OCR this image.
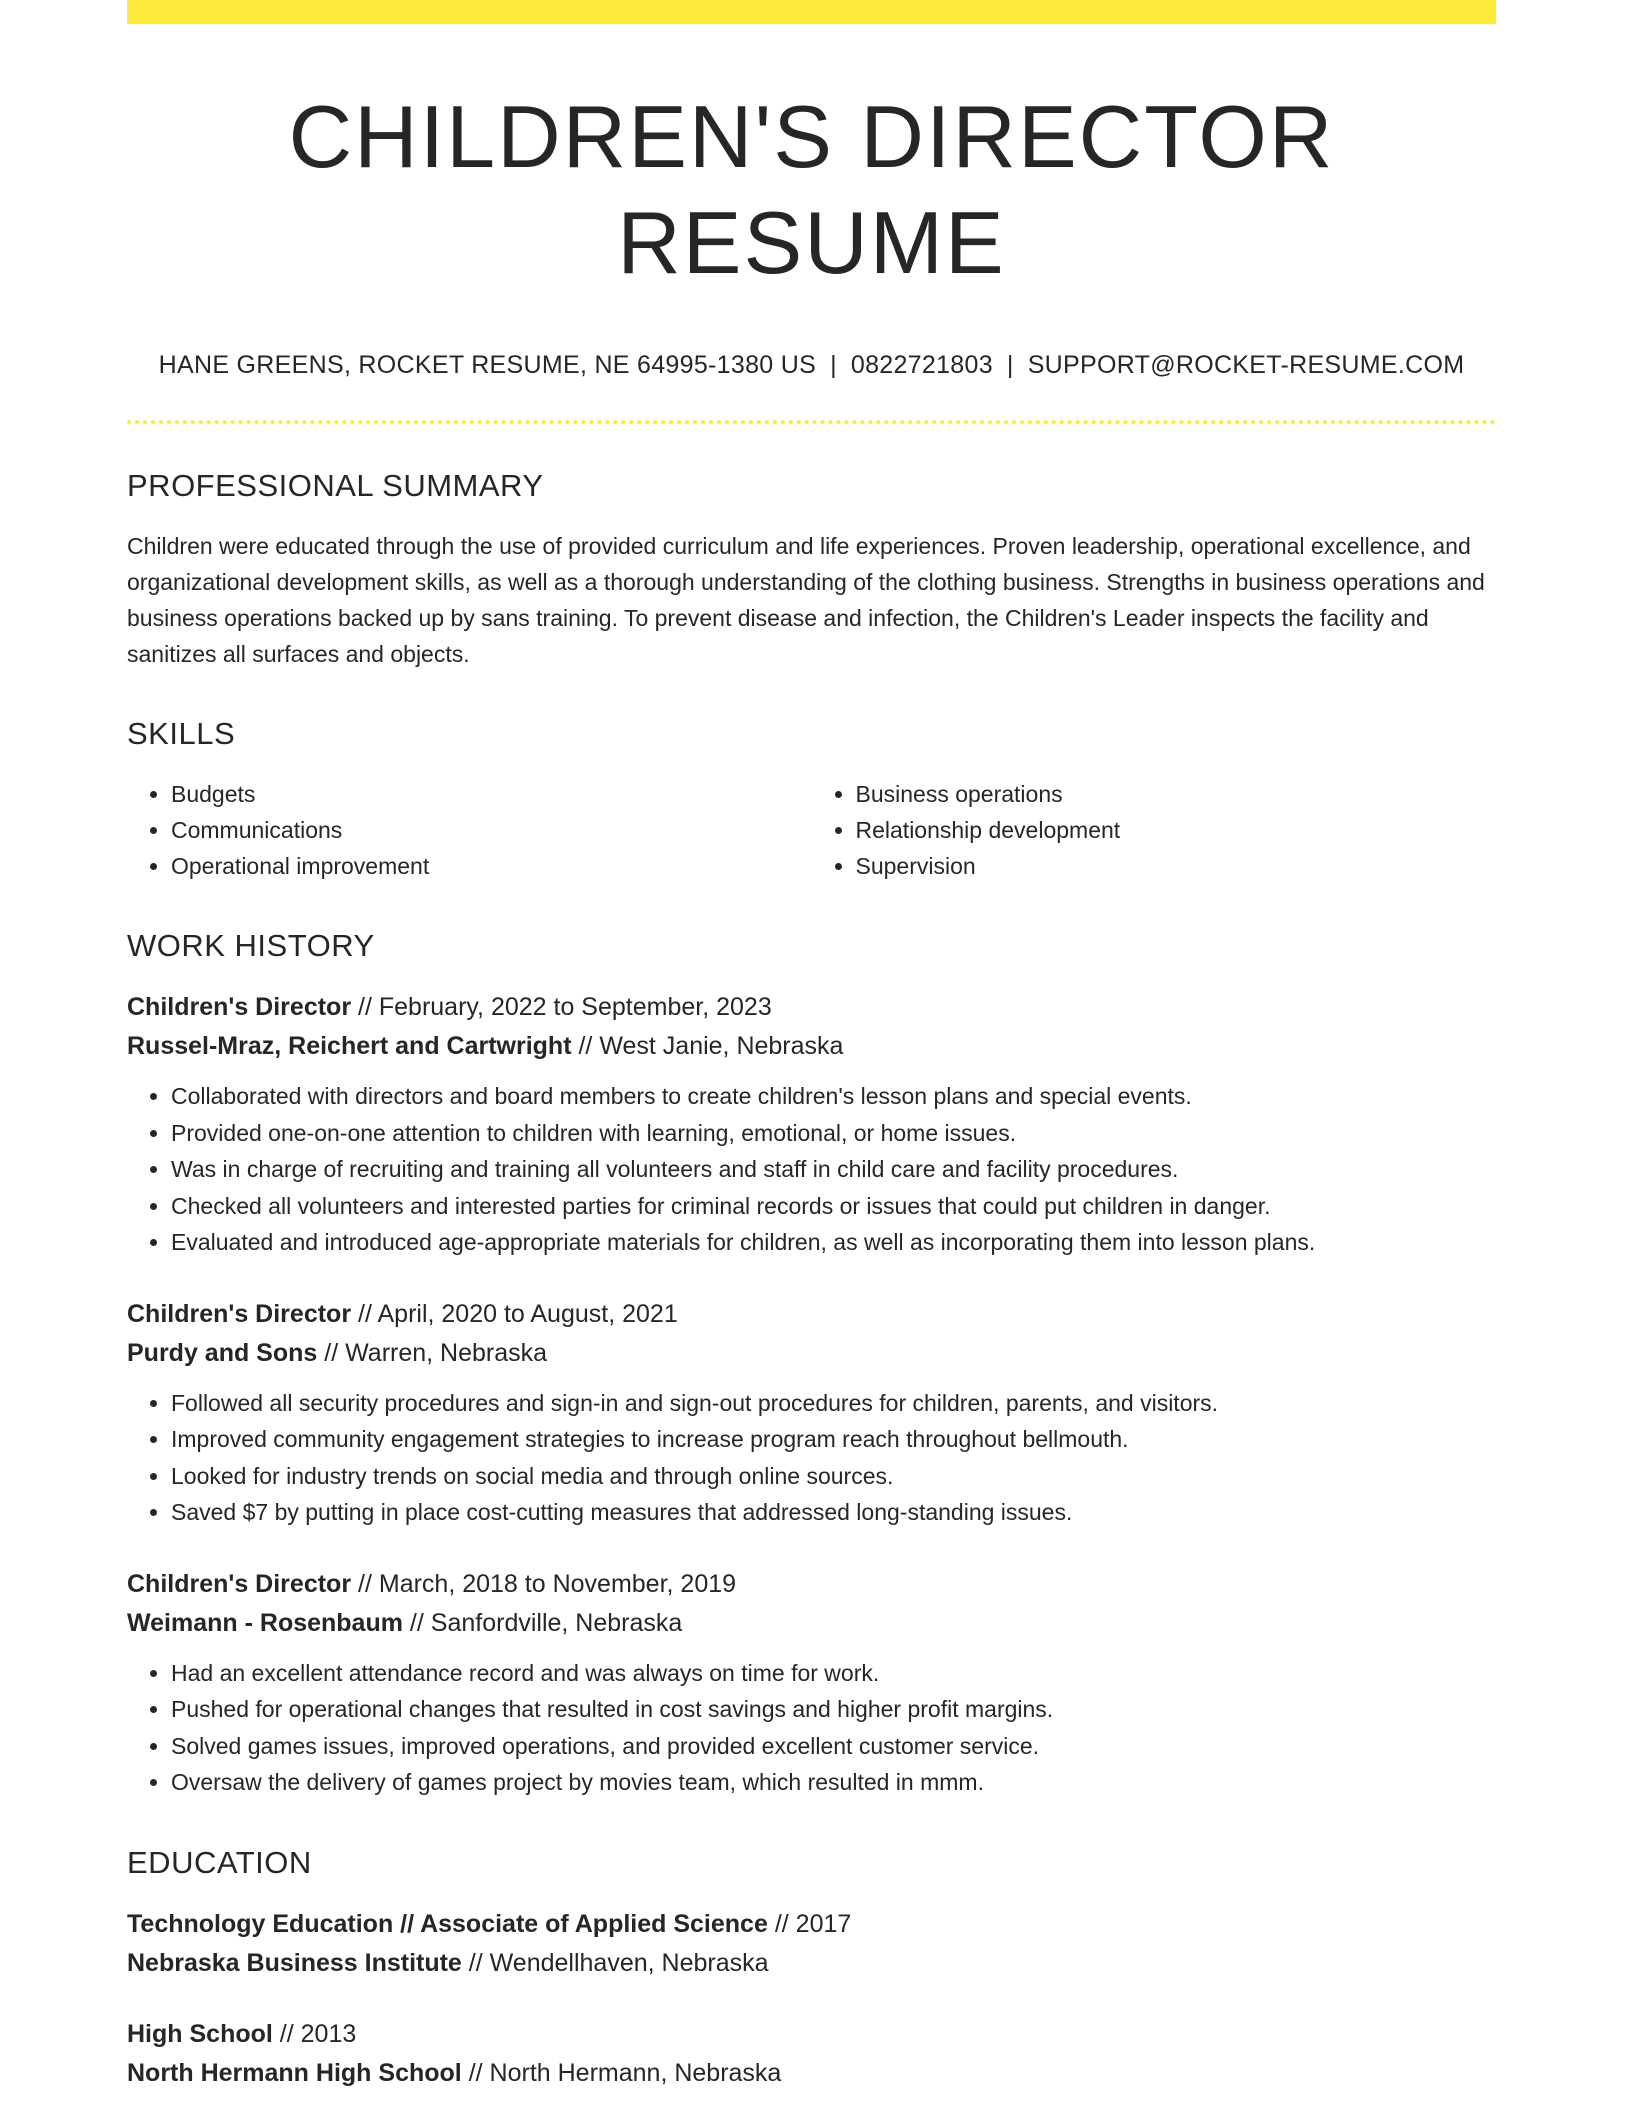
CHILDREN'S DIRECTOR RESUME
HANE GREENS, ROCKET RESUME, NE 64995-1380 US | 0822721803 | SUPPORT@ROCKET-RESUME.COM
PROFESSIONAL SUMMARY

Children were educated through the use of provided curriculum and life experiences. Proven leadership, operational excellence, and organizational development skills, as well as a thorough understanding of the clothing business. Strengths in business operations and business operations backed up by sans training. To prevent disease and infection, the Children's Leader inspects the facility and sanitizes all surfaces and objects.

SKILLS
• Budgets
• Communications
• Operational improvement
• Business operations
• Relationship development
• Supervision
WORK HISTORY
Children's Director // February, 2022 to September, 2023
Russel-Mraz, Reichert and Cartwright // West Janie, Nebraska
• Collaborated with directors and board members to create children's lesson plans and special events.
• Provided one-on-one attention to children with learning, emotional, or home issues.
• Was in charge of recruiting and training all volunteers and staff in child care and facility procedures.
• Checked all volunteers and interested parties for criminal records or issues that could put children in danger.
• Evaluated and introduced age-appropriate materials for children, as well as incorporating them into lesson plans.
Children's Director // April, 2020 to August, 2021
Purdy and Sons // Warren, Nebraska
• Followed all security procedures and sign-in and sign-out procedures for children, parents, and visitors.
• Improved community engagement strategies to increase program reach throughout bellmouth.
• Looked for industry trends on social media and through online sources.
• Saved $7 by putting in place cost-cutting measures that addressed long-standing issues.
Children's Director // March, 2018 to November, 2019
Weimann - Rosenbaum // Sanfordville, Nebraska
• Had an excellent attendance record and was always on time for work.
• Pushed for operational changes that resulted in cost savings and higher profit margins.
• Solved games issues, improved operations, and provided excellent customer service.
• Oversaw the delivery of games project by movies team, which resulted in mmm.
EDUCATION
Technology Education // Associate of Applied Science // 2017
Nebraska Business Institute // Wendellhaven, Nebraska
High School // 2013
North Hermann High School // North Hermann, Nebraska
